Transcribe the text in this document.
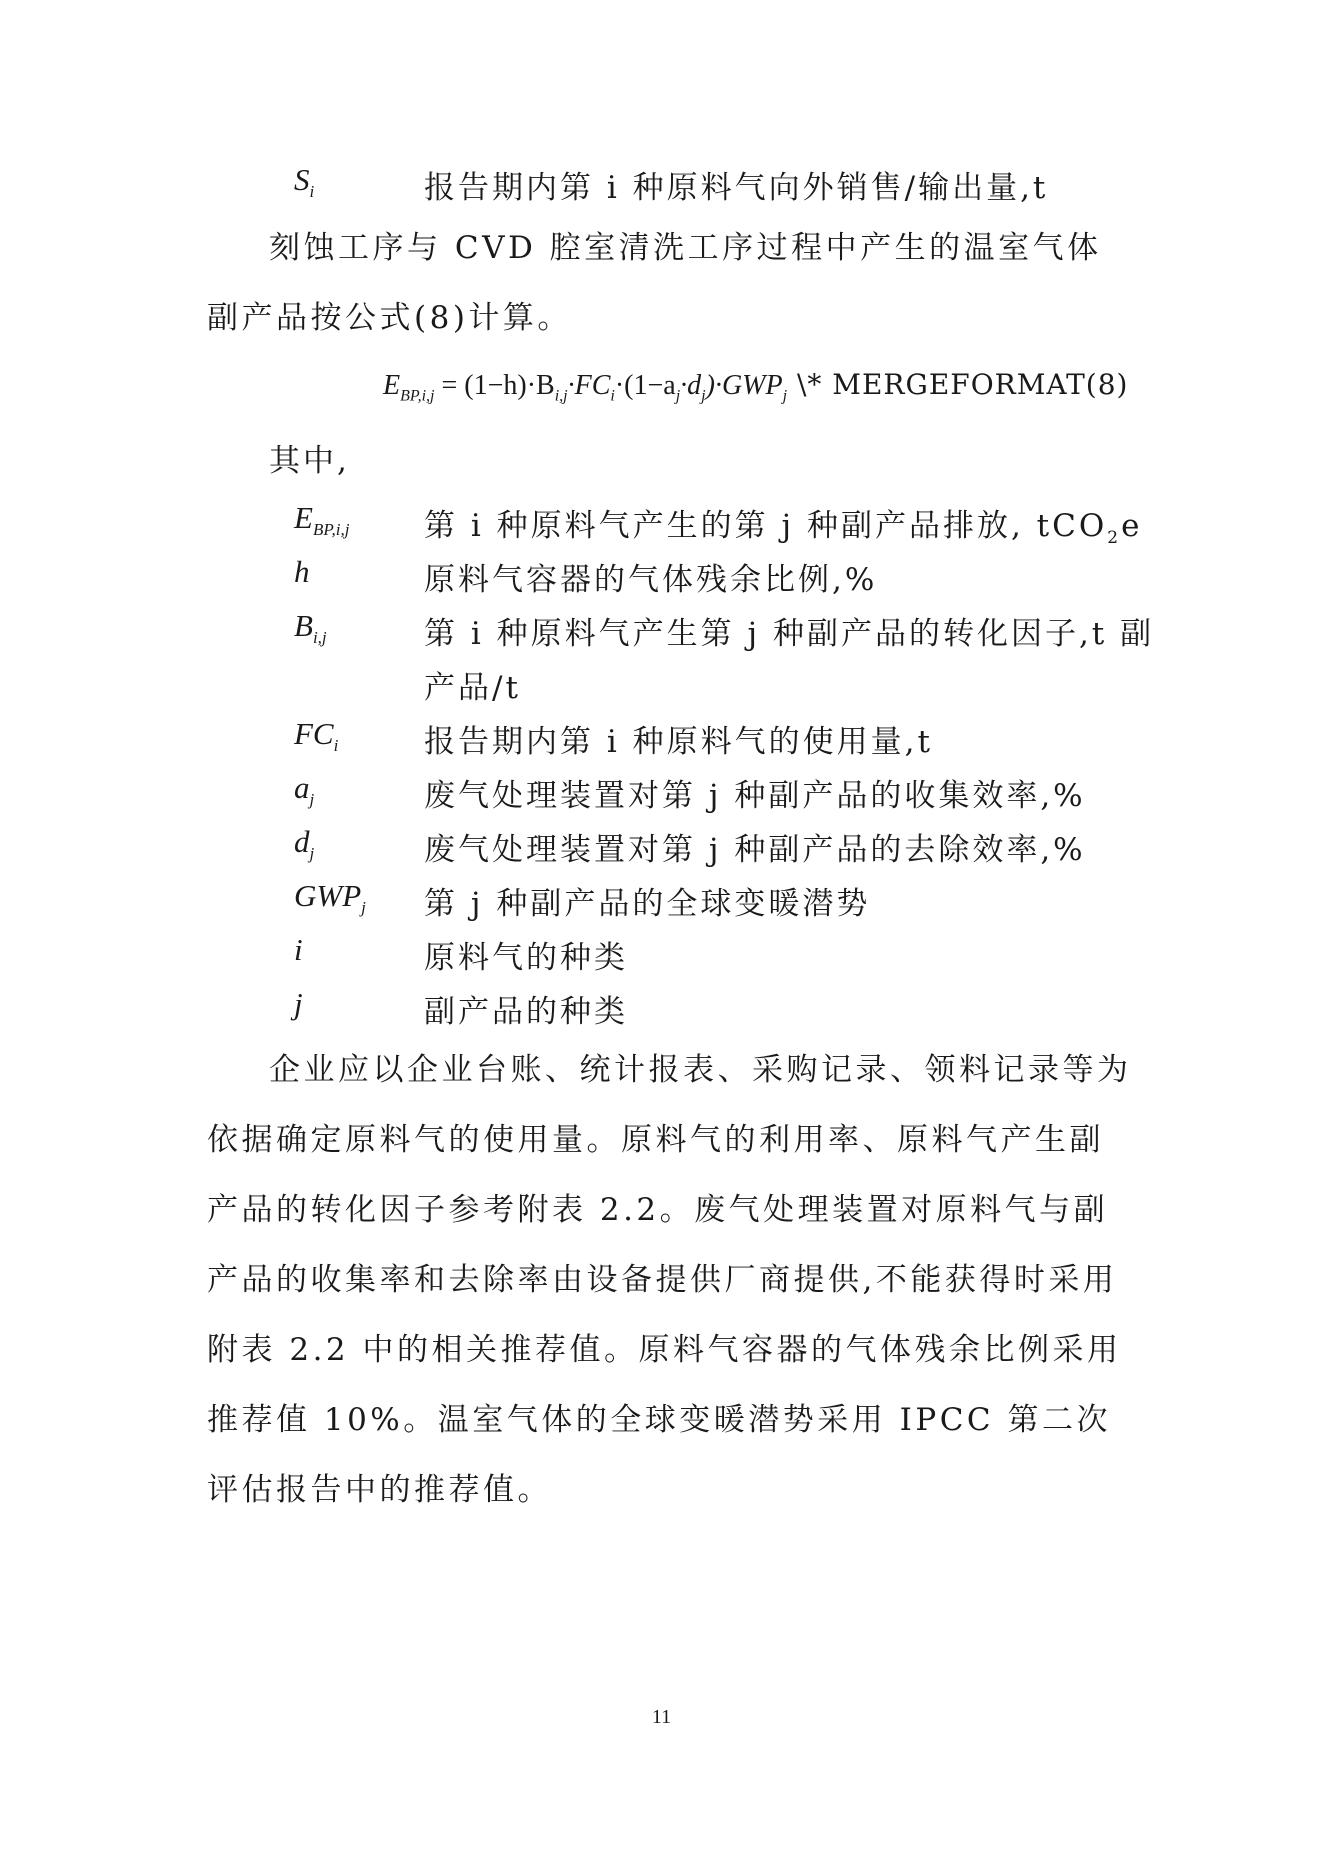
$S_i$	报告期内第 i 种原料气向外销售/输出量,t
刻蚀工序与 CVD 腔室清洗工序过程中产生的温室气体副产品按公式(8)计算。
$E_{BP,i,j} = (1-h)\cdot B_{i,j}\cdot FC_i\cdot(1-a_j\cdot d_j)\cdot GWP_j$ \* MERGEFORMAT(8)
其中,
$E_{BP,i,j}$	第 i 种原料气产生的第 j 种副产品排放, tCO$_2$e
h	原料气容器的气体残余比例,%
$B_{i,j}$	第 i 种原料气产生第 j 种副产品的转化因子,t 副
产品/t
$FC_i$	报告期内第 i 种原料气的使用量,t
$a_j$	废气处理装置对第 j 种副产品的收集效率,%
$d_j$	废气处理装置对第 j 种副产品的去除效率,%
$GWP_j$	第 j 种副产品的全球变暖潜势
i	原料气的种类
j	副产品的种类
企业应以企业台账、统计报表、采购记录、领料记录等为依据确定原料气的使用量。原料气的利用率、原料气产生副产品的转化因子参考附表 2.2。废气处理装置对原料气与副产品的收集率和去除率由设备提供厂商提供,不能获得时采用附表 2.2 中的相关推荐值。原料气容器的气体残余比例采用推荐值 10%。温室气体的全球变暖潜势采用 IPCC 第二次评估报告中的推荐值。
11
